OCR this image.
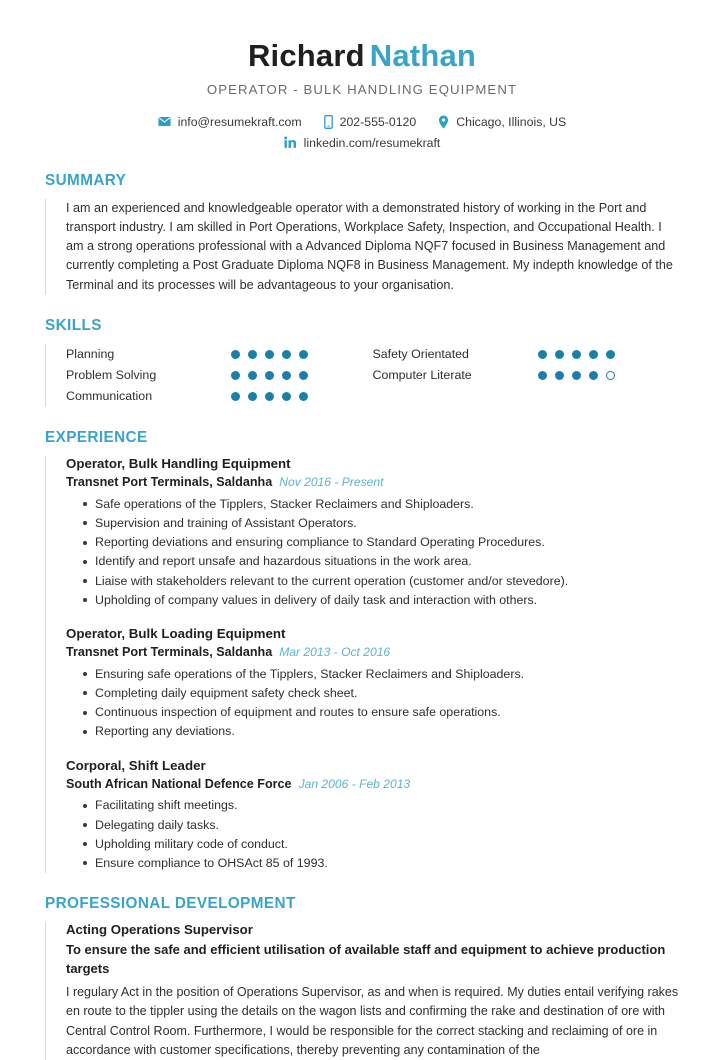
Richard Nathan
OPERATOR - BULK HANDLING EQUIPMENT
info@resumekraft.com	202-555-0120	Chicago, Illinois, US
linkedin.com/resumekraft
SUMMARY
I am an experienced and knowledgeable operator with a demonstrated history of working in the Port and transport industry. I am skilled in Port Operations, Workplace Safety, Inspection, and Occupational Health. I am a strong operations professional with a Advanced Diploma NQF7 focused in Business Management and currently completing a Post Graduate Diploma NQF8 in Business Management. My indepth knowledge of the Terminal and its processes will be advantageous to your organisation.
SKILLS
Planning
Problem Solving
Communication
Safety Orientated
Computer Literate
EXPERIENCE
Operator, Bulk Handling Equipment
Transnet Port Terminals, Saldanha Nov 2016 - Present
Safe operations of the Tipplers, Stacker Reclaimers and Shiploaders.
Supervision and training of Assistant Operators.
Reporting deviations and ensuring compliance to Standard Operating Procedures.
Identify and report unsafe and hazardous situations in the work area.
Liaise with stakeholders relevant to the current operation (customer and/or stevedore).
Upholding of company values in delivery of daily task and interaction with others.
Operator, Bulk Loading Equipment
Transnet Port Terminals, Saldanha Mar 2013 - Oct 2016
Ensuring safe operations of the Tipplers, Stacker Reclaimers and Shiploaders.
Completing daily equipment safety check sheet.
Continuous inspection of equipment and routes to ensure safe operations.
Reporting any deviations.
Corporal, Shift Leader
South African National Defence Force Jan 2006 - Feb 2013
Facilitating shift meetings.
Delegating daily tasks.
Upholding military code of conduct.
Ensure compliance to OHSAct 85 of 1993.
PROFESSIONAL DEVELOPMENT
Acting Operations Supervisor
To ensure the safe and efficient utilisation of available staff and equipment to achieve production targets
I regulary Act in the position of Operations Supervisor, as and when is required. My duties entail verifying rakes en route to the tippler using the details on the wagon lists and confirming the rake and destination of ore with Central Control Room. Furthermore, I would be responsible for the correct stacking and reclaiming of ore in accordance with customer specifications, thereby preventing any contamination of the
